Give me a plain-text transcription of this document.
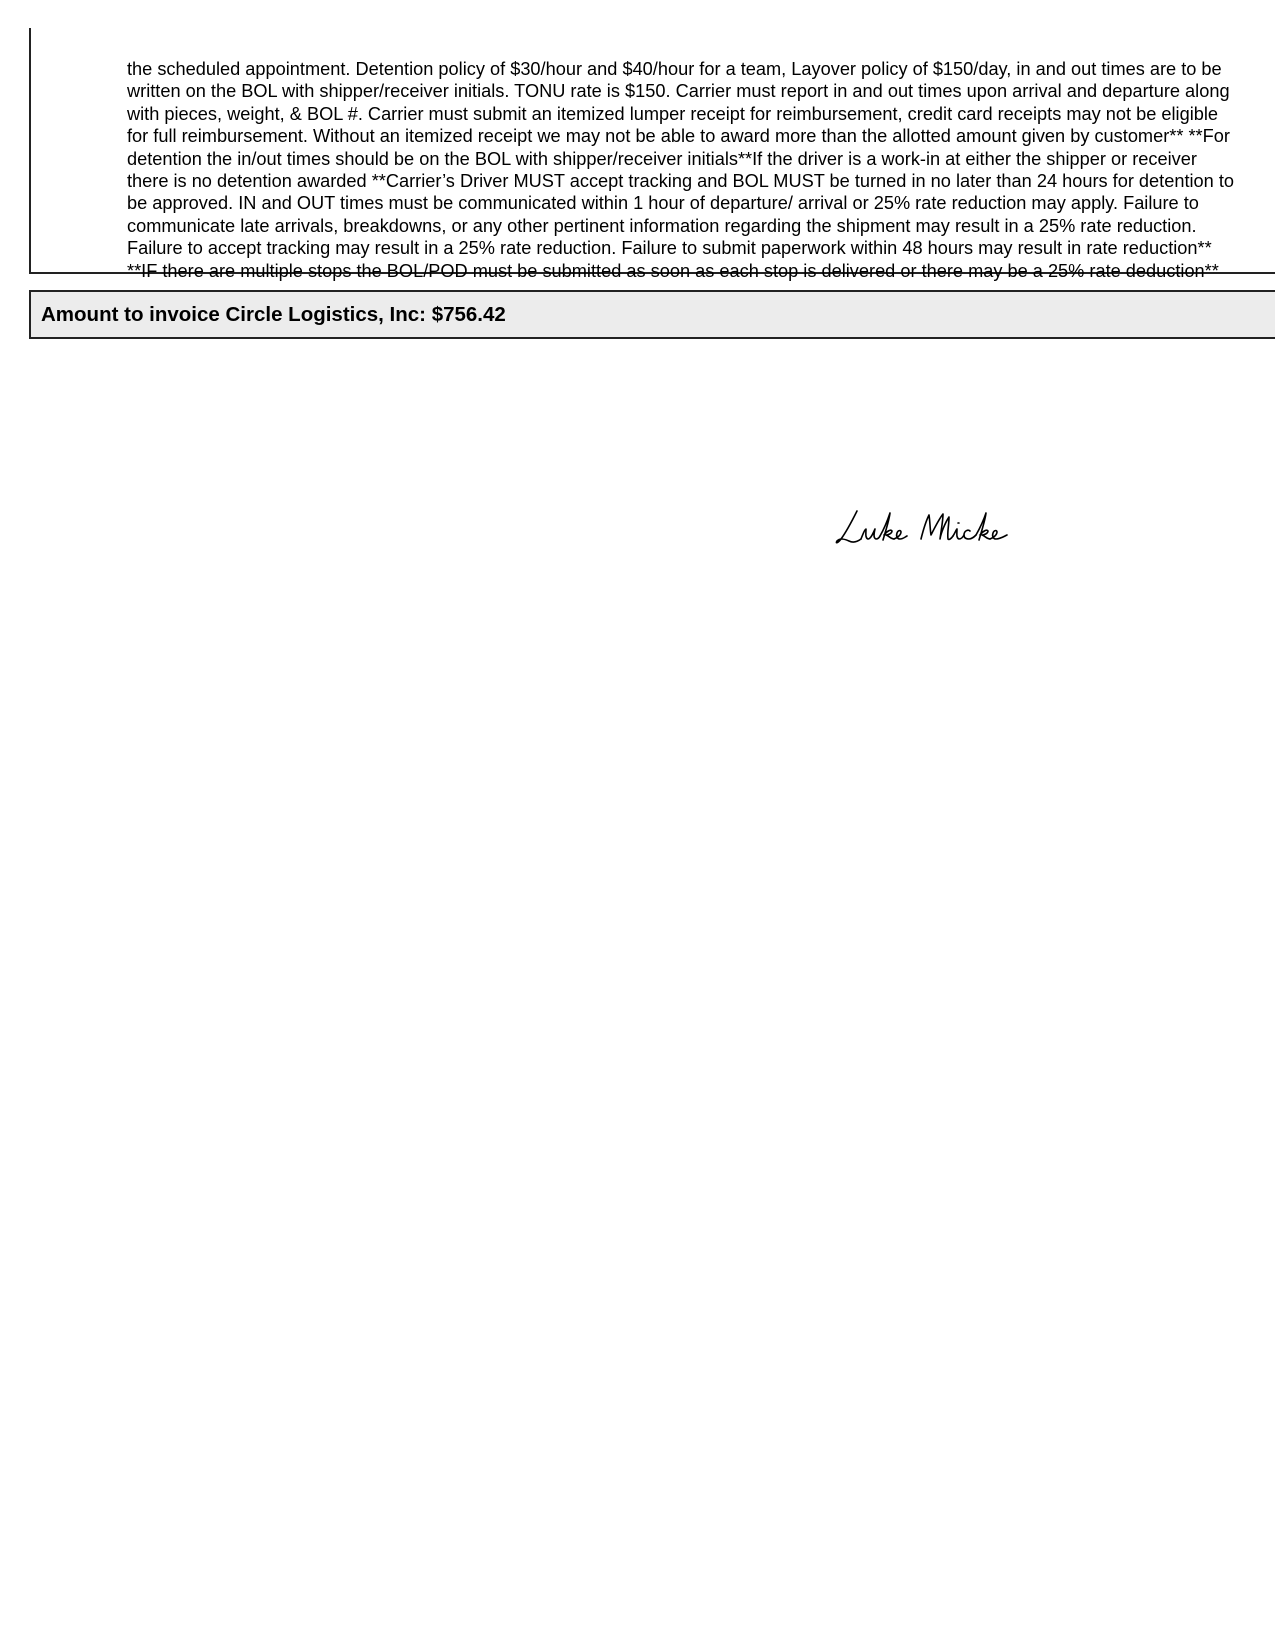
the scheduled appointment. Detention policy of $30/hour and $40/hour for a team, Layover policy of $150/day, in and out times are to be
written on the BOL with shipper/receiver initials. TONU rate is $150. Carrier must report in and out times upon arrival and departure along
with pieces, weight, & BOL #. Carrier must submit an itemized lumper receipt for reimbursement, credit card receipts may not be eligible
for full reimbursement. Without an itemized receipt we may not be able to award more than the allotted amount given by customer** **For
detention the in/out times should be on the BOL with shipper/receiver initials**If the driver is a work-in at either the shipper or receiver
there is no detention awarded **Carrier’s Driver MUST accept tracking and BOL MUST be turned in no later than 24 hours for detention to
be approved. IN and OUT times must be communicated within 1 hour of departure/ arrival or 25% rate reduction may apply. Failure to
communicate late arrivals, breakdowns, or any other pertinent information regarding the shipment may result in a 25% rate reduction.
Failure to accept tracking may result in a 25% rate reduction. Failure to submit paperwork within 48 hours may result in rate reduction**
**IF there are multiple stops the BOL/POD must be submitted as soon as each stop is delivered or there may be a 25% rate deduction**

Amount to invoice Circle Logistics, Inc: $756.42
